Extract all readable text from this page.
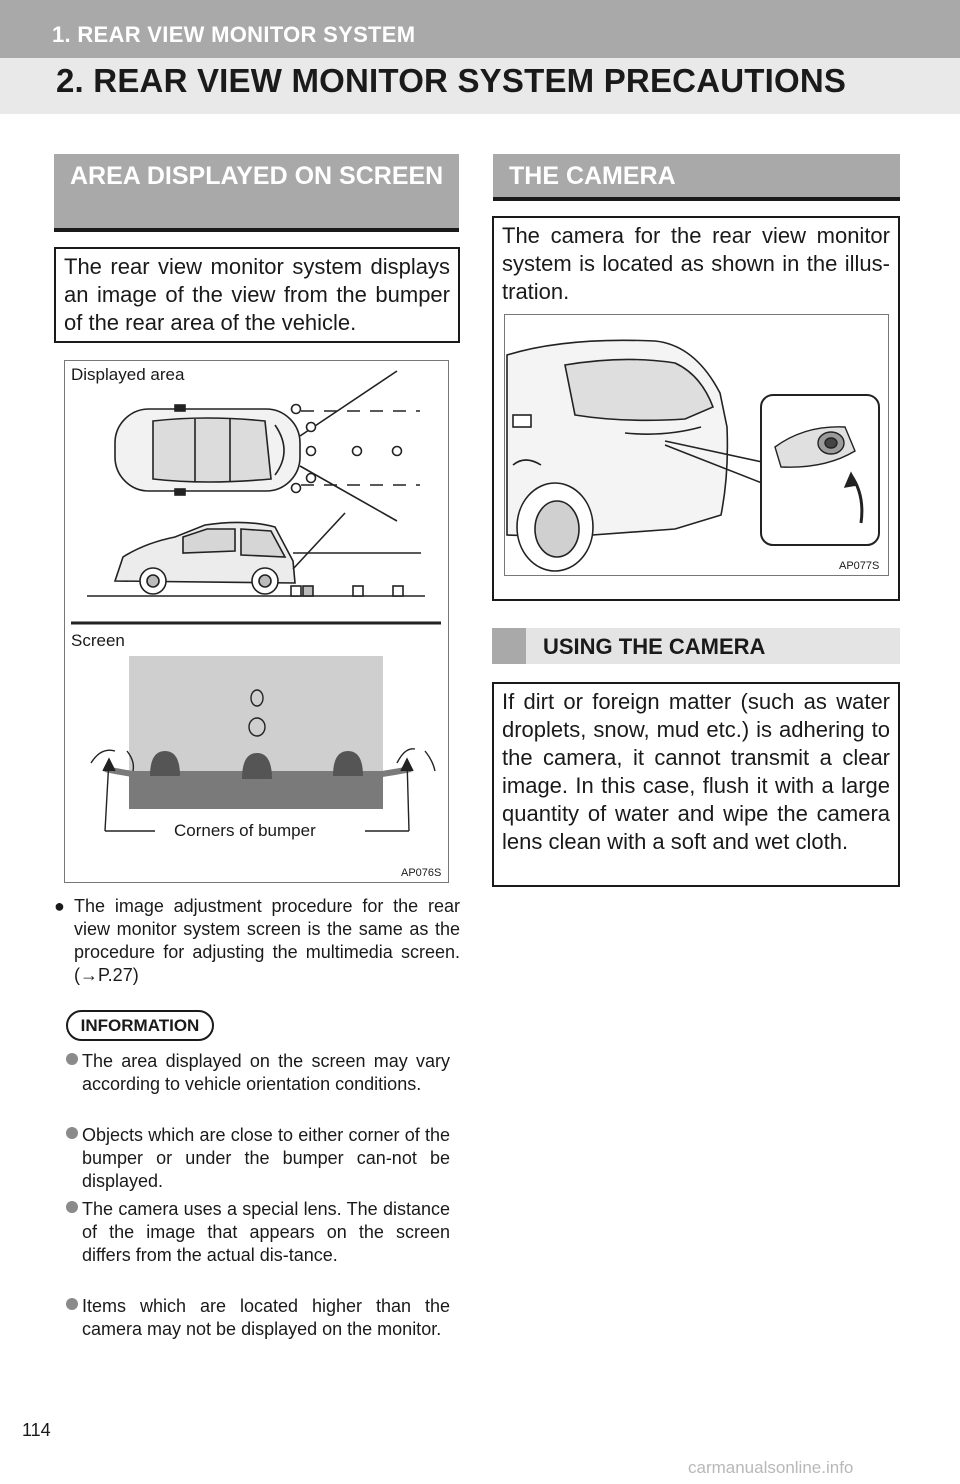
1. REAR VIEW MONITOR SYSTEM
2. REAR VIEW MONITOR SYSTEM PRECAUTIONS
AREA DISPLAYED ON SCREEN
The rear view monitor system displays an image of the view from the bumper of the rear area of the vehicle.
Displayed area
Screen
Corners of bumper
AP076S
● The image adjustment procedure for the rear view monitor system screen is the same as the procedure for adjusting the multimedia screen. (→P.27)
INFORMATION
The area displayed on the screen may vary according to vehicle orientation conditions.
Objects which are close to either corner of the bumper or under the bumper can-not be displayed.
The camera uses a special lens. The distance of the image that appears on the screen differs from the actual dis-tance.
Items which are located higher than the camera may not be displayed on the monitor.
THE CAMERA
The camera for the rear view monitor system is located as shown in the illus-tration.
AP077S
USING THE CAMERA
If dirt or foreign matter (such as water droplets, snow, mud etc.) is adhering to the camera, it cannot transmit a clear image. In this case, flush it with a large quantity of water and wipe the camera lens clean with a soft and wet cloth.
114
carmanualsonline.info
